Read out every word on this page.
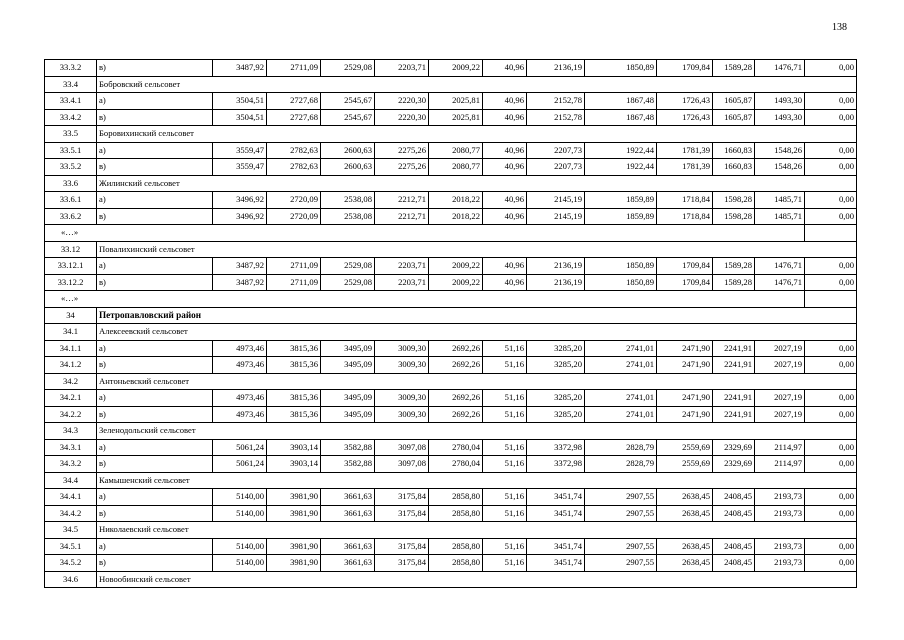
138
33.3.2	в)	3487,92	2711,09	2529,08	2203,71	2009,22	40,96	2136,19	1850,89	1709,84	1589,28	1476,71	0,00
33.4	Бобровский сельсовет												
33.4.1	а)	3504,51	2727,68	2545,67	2220,30	2025,81	40,96	2152,78	1867,48	1726,43	1605,87	1493,30	0,00
33.4.2	в)	3504,51	2727,68	2545,67	2220,30	2025,81	40,96	2152,78	1867,48	1726,43	1605,87	1493,30	0,00
33.5	Боровихинский сельсовет												
33.5.1	а)	3559,47	2782,63	2600,63	2275,26	2080,77	40,96	2207,73	1922,44	1781,39	1660,83	1548,26	0,00
33.5.2	в)	3559,47	2782,63	2600,63	2275,26	2080,77	40,96	2207,73	1922,44	1781,39	1660,83	1548,26	0,00
33.6	Жилинский сельсовет												
33.6.1	а)	3496,92	2720,09	2538,08	2212,71	2018,22	40,96	2145,19	1859,89	1718,84	1598,28	1485,71	0,00
33.6.2	в)	3496,92	2720,09	2538,08	2212,71	2018,22	40,96	2145,19	1859,89	1718,84	1598,28	1485,71	0,00
«…»													
33.12	Повалихинский сельсовет												
33.12.1	а)	3487,92	2711,09	2529,08	2203,71	2009,22	40,96	2136,19	1850,89	1709,84	1589,28	1476,71	0,00
33.12.2	в)	3487,92	2711,09	2529,08	2203,71	2009,22	40,96	2136,19	1850,89	1709,84	1589,28	1476,71	0,00
«…»													
34	Петропавловский район												
34.1	Алексеевский сельсовет												
34.1.1	а)	4973,46	3815,36	3495,09	3009,30	2692,26	51,16	3285,20	2741,01	2471,90	2241,91	2027,19	0,00
34.1.2	в)	4973,46	3815,36	3495,09	3009,30	2692,26	51,16	3285,20	2741,01	2471,90	2241,91	2027,19	0,00
34.2	Антоньевский сельсовет												
34.2.1	а)	4973,46	3815,36	3495,09	3009,30	2692,26	51,16	3285,20	2741,01	2471,90	2241,91	2027,19	0,00
34.2.2	в)	4973,46	3815,36	3495,09	3009,30	2692,26	51,16	3285,20	2741,01	2471,90	2241,91	2027,19	0,00
34.3	Зеленодольский сельсовет												
34.3.1	а)	5061,24	3903,14	3582,88	3097,08	2780,04	51,16	3372,98	2828,79	2559,69	2329,69	2114,97	0,00
34.3.2	в)	5061,24	3903,14	3582,88	3097,08	2780,04	51,16	3372,98	2828,79	2559,69	2329,69	2114,97	0,00
34.4	Камышенский сельсовет												
34.4.1	а)	5140,00	3981,90	3661,63	3175,84	2858,80	51,16	3451,74	2907,55	2638,45	2408,45	2193,73	0,00
34.4.2	в)	5140,00	3981,90	3661,63	3175,84	2858,80	51,16	3451,74	2907,55	2638,45	2408,45	2193,73	0,00
34.5	Николаевский сельсовет												
34.5.1	а)	5140,00	3981,90	3661,63	3175,84	2858,80	51,16	3451,74	2907,55	2638,45	2408,45	2193,73	0,00
34.5.2	в)	5140,00	3981,90	3661,63	3175,84	2858,80	51,16	3451,74	2907,55	2638,45	2408,45	2193,73	0,00
34.6	Новообинский сельсовет												
